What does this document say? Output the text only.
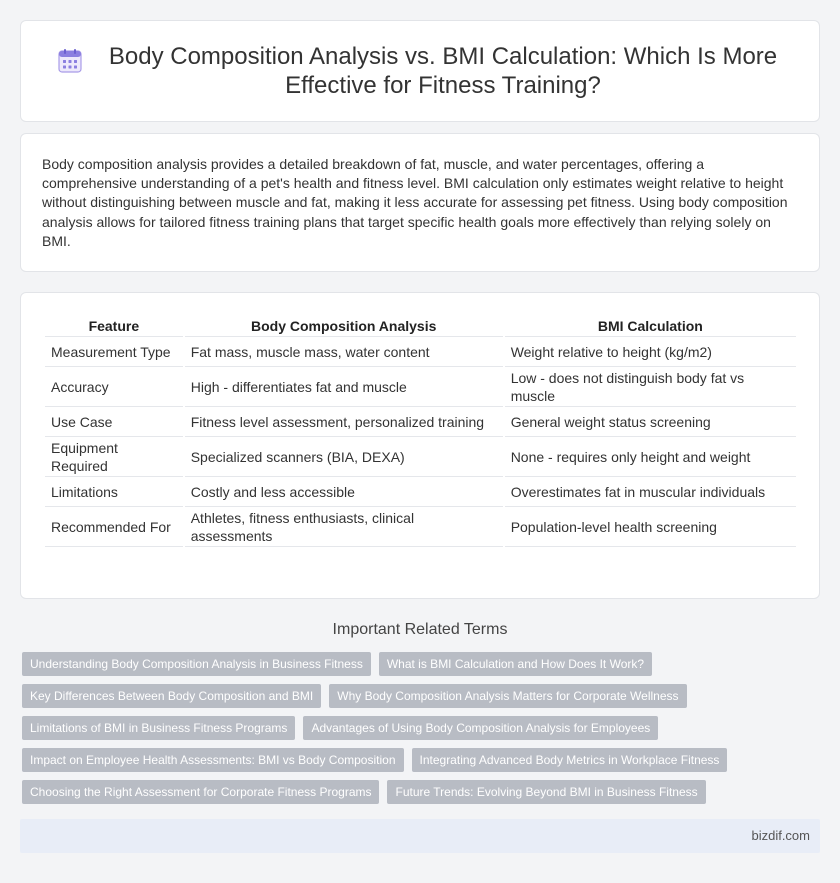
Body Composition Analysis vs. BMI Calculation: Which Is More Effective for Fitness Training?

Body composition analysis provides a detailed breakdown of fat, muscle, and water percentages, offering a comprehensive understanding of a pet's health and fitness level. BMI calculation only estimates weight relative to height without distinguishing between muscle and fat, making it less accurate for assessing pet fitness. Using body composition analysis allows for tailored fitness training plans that target specific health goals more effectively than relying solely on BMI.

Feature	Body Composition Analysis	BMI Calculation
Measurement Type	Fat mass, muscle mass, water content	Weight relative to height (kg/m2)
Accuracy	High - differentiates fat and muscle	Low - does not distinguish body fat vs muscle
Use Case	Fitness level assessment, personalized training	General weight status screening
Equipment Required	Specialized scanners (BIA, DEXA)	None - requires only height and weight
Limitations	Costly and less accessible	Overestimates fat in muscular individuals
Recommended For	Athletes, fitness enthusiasts, clinical assessments	Population-level health screening
Important Related Terms
Understanding Body Composition Analysis in Business Fitness	What is BMI Calculation and How Does It Work?
Key Differences Between Body Composition and BMI	Why Body Composition Analysis Matters for Corporate Wellness
Limitations of BMI in Business Fitness Programs	Advantages of Using Body Composition Analysis for Employees
Impact on Employee Health Assessments: BMI vs Body Composition	Integrating Advanced Body Metrics in Workplace Fitness
Choosing the Right Assessment for Corporate Fitness Programs	Future Trends: Evolving Beyond BMI in Business Fitness
bizdif.com
